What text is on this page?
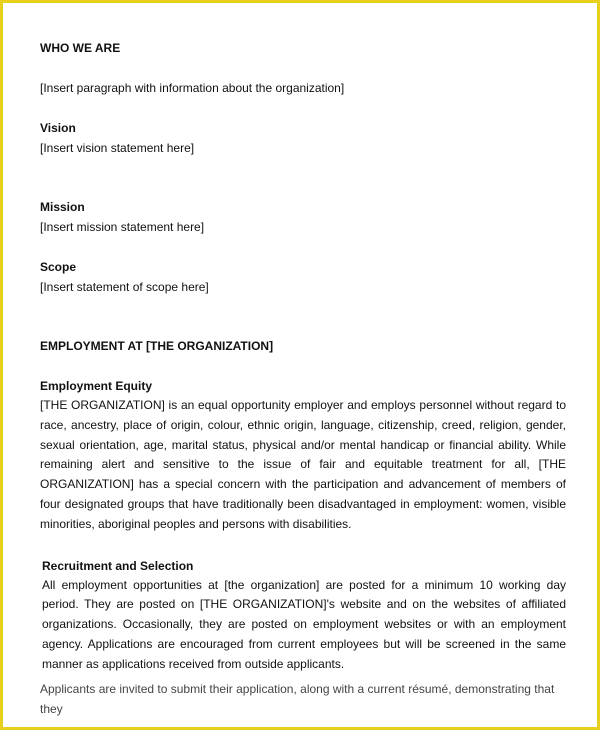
WHO WE ARE
[Insert paragraph with information about the organization]
Vision
[Insert vision statement here]
Mission
[Insert mission statement here]
Scope
[Insert statement of scope here]
EMPLOYMENT AT [THE ORGANIZATION]
Employment Equity

[THE ORGANIZATION] is an equal opportunity employer and employs personnel without regard to race, ancestry, place of origin, colour, ethnic origin, language, citizenship, creed, religion, gender, sexual orientation, age, marital status, physical and/or mental handicap or financial ability. While remaining alert and sensitive to the issue of fair and equitable treatment for all, [THE ORGANIZATION] has a special concern with the participation and advancement of members of four designated groups that have traditionally been disadvantaged in employment: women, visible minorities, aboriginal peoples and persons with disabilities.

Recruitment and Selection

All employment opportunities at [the organization] are posted for a minimum 10 working day period. They are posted on [THE ORGANIZATION]'s website and on the websites of affiliated organizations. Occasionally, they are posted on employment websites or with an employment agency. Applications are encouraged from current employees but will be screened in the same manner as applications received from outside applicants.

Applicants are invited to submit their application, along with a current résumé, demonstrating that they
